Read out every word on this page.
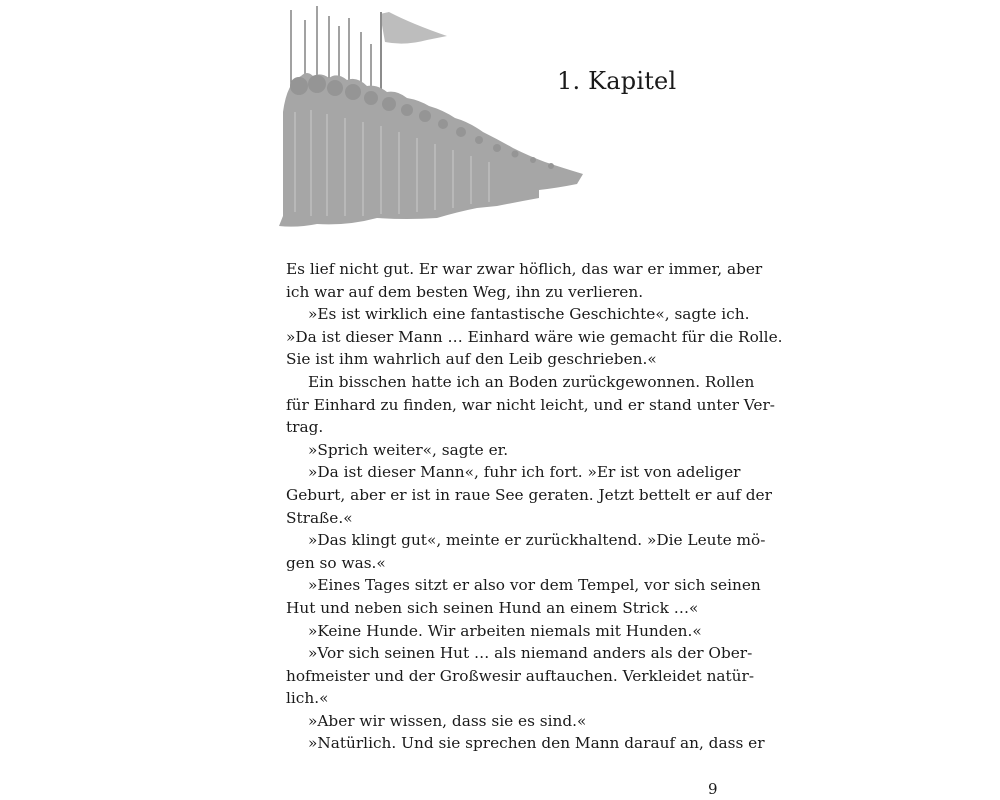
1. Kapitel
Es lief nicht gut. Er war zwar höflich, das war er immer, aber
ich war auf dem besten Weg, ihn zu verlieren.
»Es ist wirklich eine fantastische Geschichte«, sagte ich.
»Da ist dieser Mann … Einhard wäre wie gemacht für die Rolle.
Sie ist ihm wahrlich auf den Leib geschrieben.«
Ein bisschen hatte ich an Boden zurückgewonnen. Rollen
für Einhard zu finden, war nicht leicht, und er stand unter Ver-
trag.
»Sprich weiter«, sagte er.
»Da ist dieser Mann«, fuhr ich fort. »Er ist von adeliger
Geburt, aber er ist in raue See geraten. Jetzt bettelt er auf der
Straße.«
»Das klingt gut«, meinte er zurückhaltend. »Die Leute mö-
gen so was.«
»Eines Tages sitzt er also vor dem Tempel, vor sich seinen
Hut und neben sich seinen Hund an einem Strick …«
»Keine Hunde. Wir arbeiten niemals mit Hunden.«
»Vor sich seinen Hut … als niemand anders als der Ober-
hofmeister und der Großwesir auftauchen. Verkleidet natür-
lich.«
»Aber wir wissen, dass sie es sind.«
»Natürlich. Und sie sprechen den Mann darauf an, dass er
9
